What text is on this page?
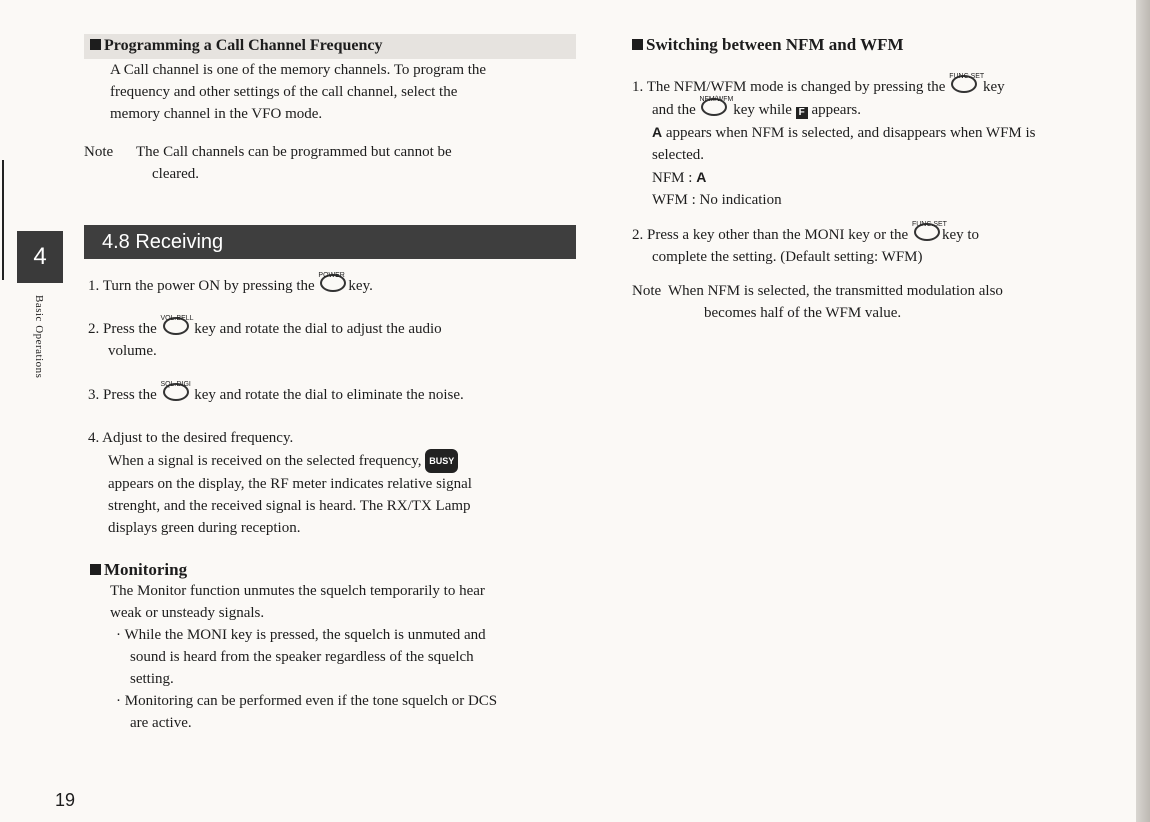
4
Basic Operations
19
Programming a Call Channel Frequency

A Call channel is one of the memory channels. To program the

frequency and other settings of the call channel, select the

memory channel in the VFO mode.

Note	The Call channels can be programmed but cannot be

cleared.

4.8 Receiving

1. Turn the power ON by pressing the
POWER
key.

2. Press the
VOL.BELL
key and rotate the dial to adjust the audio

volume.

3. Press the
SQL.DIGI
key and rotate the dial to eliminate the noise.

4. Adjust to the desired frequency.

When a signal is received on the selected frequency, BUSY

appears on the display, the RF meter indicates relative signal

strenght, and the received signal is heard. The RX/TX Lamp

displays green during reception.

Monitoring

The Monitor function unmutes the squelch temporarily to hear

weak or unsteady signals.

· While the MONI key is pressed, the squelch is unmuted and

sound is heard from the speaker regardless of the squelch

setting.

· Monitoring can be performed even if the tone squelch or DCS

are active.

Switching between NFM and WFM

1. The NFM/WFM mode is changed by pressing the
FUNC.SET
key

and the
NFM/WFM
key while F appears.

A appears when NFM is selected, and disappears when WFM is

selected.

NFM : A

WFM : No indication

2. Press a key other than the MONI key or the
FUNC.SET
key to

complete the setting. (Default setting: WFM)

Note When NFM is selected, the transmitted modulation also

becomes half of the WFM value.
